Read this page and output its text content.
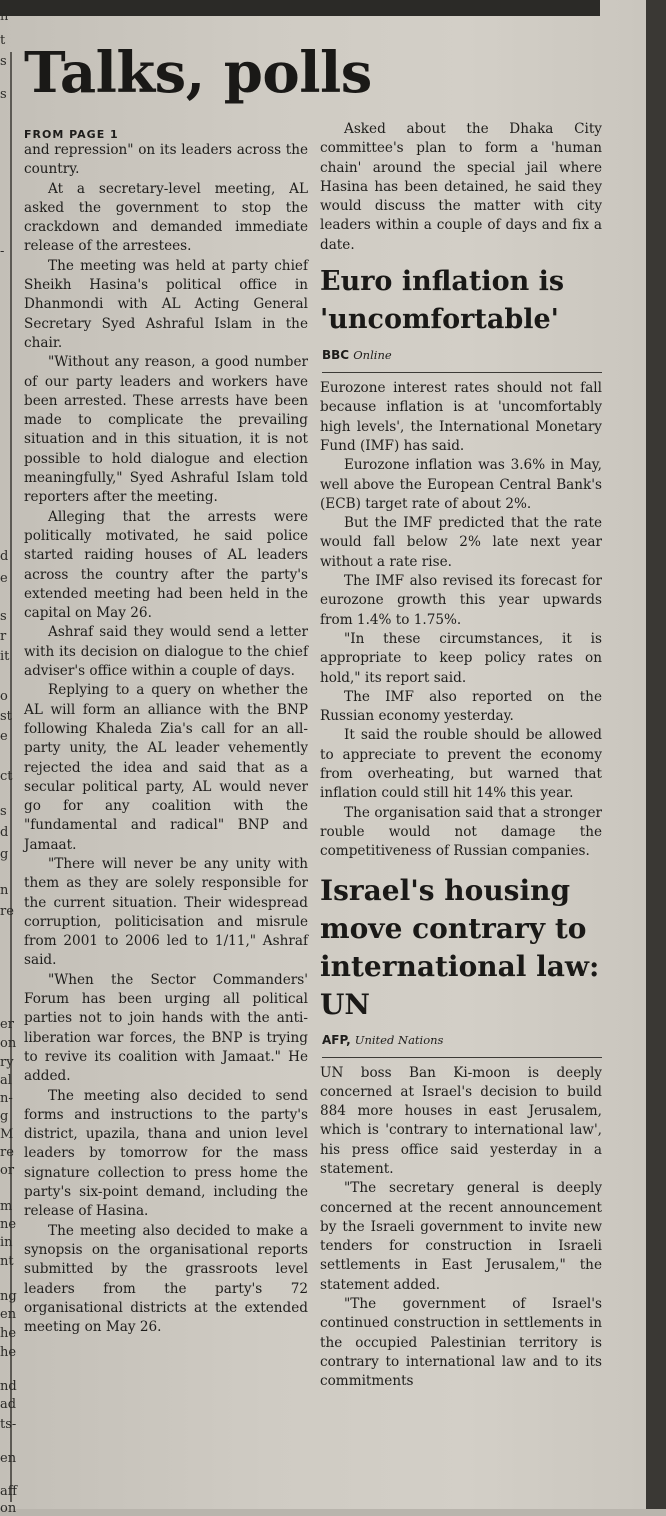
n
t
s
s
-
d
e
s
r
it
o
st
e
ct
s
d
g
n
re
er
on
ry
al
n-
g
M
re
or
m
ne
in
nt
ng
en
he
he
nd
ad
ts-
en
aff
on
Talks, polls
FROM PAGE 1

and repression" on its leaders across the country.

At a secretary-level meeting, AL asked the government to stop the crackdown and demanded immediate release of the arrestees.

The meeting was held at party chief Sheikh Hasina's political office in Dhanmondi with AL Acting General Secretary Syed Ashraful Islam in the chair.

"Without any reason, a good number of our party leaders and workers have been arrested. These arrests have been made to complicate the prevailing situation and in this situation, it is not possible to hold dialogue and election meaningfully," Syed Ashraful Islam told reporters after the meeting.

Alleging that the arrests were politically motivated, he said police started raiding houses of AL leaders across the country after the party's extended meeting had been held in the capital on May 26.

Ashraf said they would send a letter with its decision on dialogue to the chief adviser's office within a couple of days.

Replying to a query on whether the AL will form an alliance with the BNP following Khaleda Zia's call for an all-party unity, the AL leader vehemently rejected the idea and said that as a secular political party, AL would never go for any coalition with the "fundamental and radical" BNP and Jamaat.

"There will never be any unity with them as they are solely responsible for the current situation. Their widespread corruption, politicisation and misrule from 2001 to 2006 led to 1/11," Ashraf said.

"When the Sector Commanders' Forum has been urging all political parties not to join hands with the anti-liberation war forces, the BNP is trying to revive its coalition with Jamaat." He added.

The meeting also decided to send forms and instructions to the party's district, upazila, thana and union level leaders by tomorrow for the mass signature collection to press home the party's six-point demand, including the release of Hasina.

The meeting also decided to make a synopsis on the organisational reports submitted by the grassroots level leaders from the party's 72 organisational districts at the extended meeting on May 26.

Asked about the Dhaka City committee's plan to form a 'human chain' around the special jail where Hasina has been detained, he said they would discuss the matter with city leaders within a couple of days and fix a date.

Euro inflation is 'uncomfortable'
BBC Online

Eurozone interest rates should not fall because inflation is at 'uncomfortably high levels', the International Monetary Fund (IMF) has said.

Eurozone inflation was 3.6% in May, well above the European Central Bank's (ECB) target rate of about 2%.

But the IMF predicted that the rate would fall below 2% late next year without a rate rise.

The IMF also revised its forecast for eurozone growth this year upwards from 1.4% to 1.75%.

"In these circumstances, it is appropriate to keep policy rates on hold," its report said.

The IMF also reported on the Russian economy yesterday.

It said the rouble should be allowed to appreciate to prevent the economy from overheating, but warned that inflation could still hit 14% this year.

The organisation said that a stronger rouble would not damage the competitiveness of Russian companies.

Israel's housing move contrary to international law: UN
AFP, United Nations

UN boss Ban Ki-moon is deeply concerned at Israel's decision to build 884 more houses in east Jerusalem, which is 'contrary to international law', his press office said yesterday in a statement.

"The secretary general is deeply concerned at the recent announcement by the Israeli government to invite new tenders for construction in Israeli settlements in East Jerusalem," the statement added.

"The government of Israel's continued construction in settlements in the occupied Palestinian territory is contrary to international law and to its commitments
